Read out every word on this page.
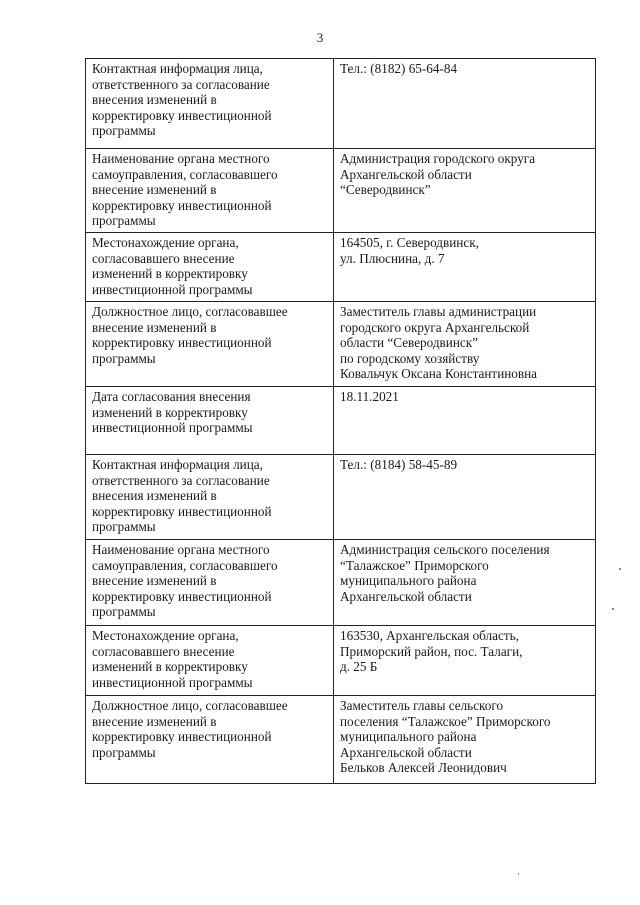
3
Контактная информация лица,
ответственного за согласование
внесения изменений в
корректировку инвестиционной
программы	Тел.: (8182) 65-64-84
Наименование органа местного
самоуправления, согласовавшего
внесение изменений в
корректировку инвестиционной
программы	Администрация городского округа
Архангельской области
“Северодвинск”
Местонахождение органа,
согласовавшего внесение
изменений в корректировку
инвестиционной программы	164505, г. Северодвинск,
ул. Плюснина, д. 7
Должностное лицо, согласовавшее
внесение изменений в
корректировку инвестиционной
программы	Заместитель главы администрации
городского округа Архангельской
области “Северодвинск”
по городскому хозяйству
Ковальчук Оксана Константиновна
Дата согласования внесения
изменений в корректировку
инвестиционной программы	18.11.2021
Контактная информация лица,
ответственного за согласование
внесения изменений в
корректировку инвестиционной
программы	Тел.: (8184) 58-45-89
Наименование органа местного
самоуправления, согласовавшего
внесение изменений в
корректировку инвестиционной
программы	Администрация сельского поселения
“Талажское” Приморского
муниципального района
Архангельской области
Местонахождение органа,
согласовавшего внесение
изменений в корректировку
инвестиционной программы	163530, Архангельская область,
Приморский район, пос. Талаги,
д. 25 Б
Должностное лицо, согласовавшее
внесение изменений в
корректировку инвестиционной
программы	Заместитель главы сельского
поселения “Талажское” Приморского
муниципального района
Архангельской области
Бельков Алексей Леонидович
